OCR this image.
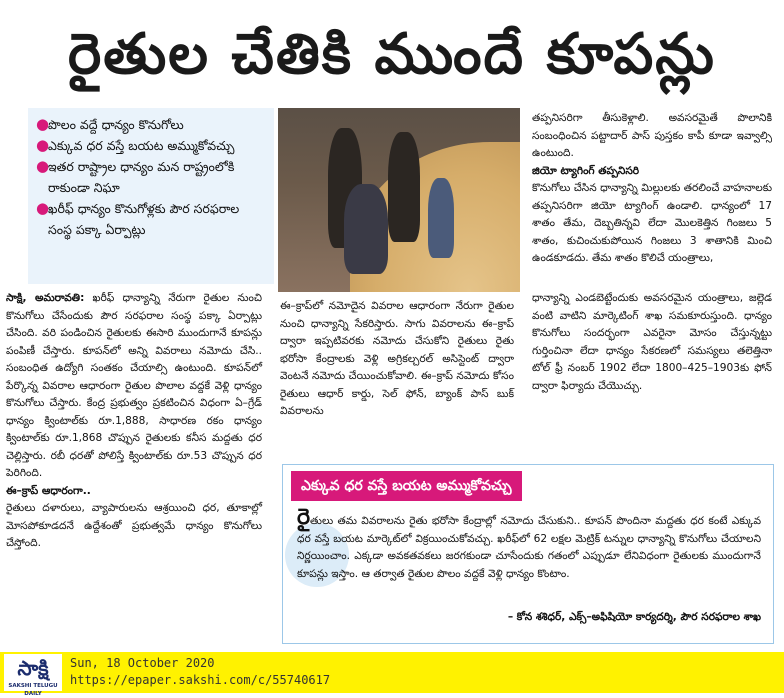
రైతుల చేతికి ముందే కూపన్లు
●
పొలం వద్దే ధాన్యం కొనుగోలు
●
ఎక్కువ ధర వస్తే బయట అమ్ముకోవచ్చు
●
ఇతర రాష్ట్రాల ధాన్యం మన రాష్ట్రంలోకి రాకుండా నిఘా
●
ఖరీఫ్‌ ధాన్యం కొనుగోళ్లకు పౌర సరఫరాల సంస్థ పక్కా ఏర్పాట్లు

సాక్షి, అమరావతి: ఖరీఫ్‌ ధాన్యాన్ని నేరుగా రైతుల నుంచి కొనుగోలు చేసేందుకు పౌర సరఫరాల సంస్థ పక్కా ఏర్పాట్లు చేసింది. వరి పండించిన రైతులకు ఈసారి ముందుగానే కూపన్లు పంపిణీ చేస్తారు. కూపన్‌లో అన్ని వివరాలు నమోదు చేసి.. సంబంధిత ఉద్యోగి సంతకం చేయాల్సి ఉంటుంది. కూపన్‌లో పేర్కొన్న వివరాల ఆధారంగా రైతుల పొలాల వద్దకే వెళ్లి ధాన్యం కొనుగోలు చేస్తారు. కేంద్ర ప్రభుత్వం ప్రకటించిన విధంగా ఏ–గ్రేడ్‌ ధాన్యం క్వింటాల్‌కు రూ.1,888, సాధారణ రకం ధాన్యం క్వింటాల్‌కు రూ.1,868 చొప్పున రైతులకు కనీస మద్దతు ధర చెల్లిస్తారు. రబీ ధరతో పోలిస్తే క్వింటాల్‌కు రూ.53 చొప్పున ధర పెరిగింది.

ఈ–క్రాప్‌ ఆధారంగా..

రైతులు దళారులు, వ్యాపారులను ఆశ్రయించి ధర, తూకాల్లో మోసపోకూడదనే ఉద్దేశంతో ప్రభుత్వమే ధాన్యం కొనుగోలు చేస్తోంది.

ఈ–క్రాప్‌లో నమోదైన వివరాల ఆధారంగా నేరుగా రైతుల నుంచి ధాన్యాన్ని సేకరిస్తారు. సాగు వివరాలను ఈ–క్రాప్‌ ద్వారా ఇప్పటివరకు నమోదు చేసుకోని రైతులు రైతు భరోసా కేంద్రాలకు వెళ్లి అగ్రికల్చరల్‌ అసిస్టెంట్‌ ద్వారా వెంటనే నమోదు చేయించుకోవాలి. ఈ–క్రాప్‌ నమోదు కోసం రైతులు ఆధార్‌ కార్డు, సెల్‌ ఫోన్‌, బ్యాంక్‌ పాస్‌ బుక్‌ వివరాలను

తప్పనిసరిగా తీసుకెళ్లాలి. అవసరమైతే పొలానికి సంబంధించిన పట్టాదార్‌ పాస్‌ పుస్తకం కాపీ కూడా ఇవ్వాల్సి ఉంటుంది.

జియో ట్యాగింగ్‌ తప్పనిసరి

కొనుగోలు చేసిన ధాన్యాన్ని మిల్లులకు తరలించే వాహనాలకు తప్పనిసరిగా జియో ట్యాగింగ్‌ ఉండాలి. ధాన్యంలో 17 శాతం తేమ, దెబ్బతిన్నవి లేదా మొలకెత్తిన గింజలు 5 శాతం, కుచించుకుపోయిన గింజలు 3 శాతానికి మించి ఉండకూడదు. తేమ శాతం కొలిచే యంత్రాలు,

ధాన్యాన్ని ఎండబెట్టేందుకు అవసరమైన యంత్రాలు, జల్లెడ వంటి వాటిని మార్కెటింగ్‌ శాఖ సమకూరుస్తుంది. ధాన్యం కొనుగోలు సందర్భంగా ఎవరైనా మోసం చేస్తున్నట్టు గుర్తించినా లేదా ధాన్యం సేకరణలో సమస్యలు తలెత్తినా టోల్‌ ఫ్రీ నంబర్‌ 1902 లేదా 1800–425–1903కు ఫోన్‌ ద్వారా ఫిర్యాదు చేయొచ్చు.

ఎక్కువ ధర వస్తే బయట అమ్ముకోవచ్చు
రైతులు తమ వివరాలను రైతు భరోసా కేంద్రాల్లో నమోదు చేసుకుని.. కూపన్‌ పొందినా మద్దతు ధర కంటే ఎక్కువ ధర వస్తే బయట మార్కెట్‌లో విక్రయించుకోవచ్చు. ఖరీఫ్‌లో 62 లక్షల మెట్రిక్‌ టన్నుల ధాన్యాన్ని కొనుగోలు చేయాలని నిర్ణయించాం. ఎక్కడా అవకతవకలు జరగకుండా చూసేందుకు గతంలో ఎప్పుడూ లేనివిధంగా రైతులకు ముందుగానే కూపన్లు ఇస్తాం. ఆ తర్వాత రైతుల పొలం వద్దకే వెళ్లి ధాన్యం కొంటాం.
– కోన శశిధర్‌, ఎక్స్‌–అఫిషియో కార్యదర్శి, పౌర సరఫరాల శాఖ
సాక్షి
SAKSHI TELUGU DAILY
Sun, 18 October 2020
https://epaper.sakshi.com/c/55740617
